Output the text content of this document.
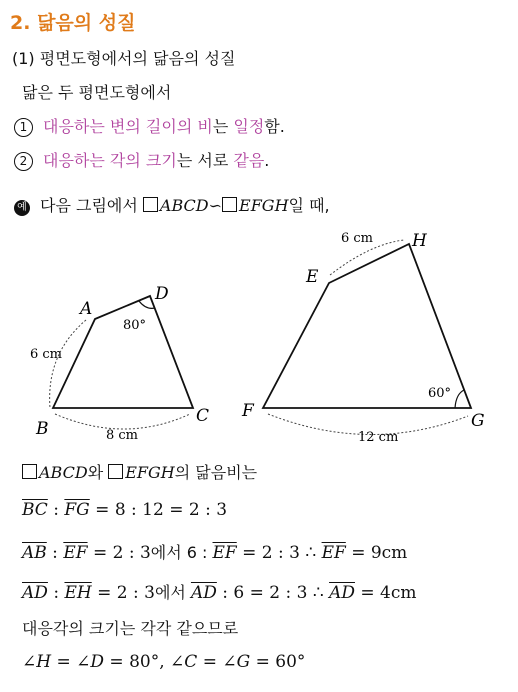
2. 닮음의 성질
(1) 평면도형에서의 닮음의 성질
닮은 두 평면도형에서
1 대응하는 변의 길이의 비는 일정함.
2 대응하는 각의 크기는 서로 같음.
예 다음 그림에서 ABCD∽ EFGH일 때,
A
D
B
C
6 cm
8 cm
80°
E
H
F	G
6 cm
12 cm
60°
ABCD와 EFGH의 닮음비는
$\overline{BC}$ : $\overline{FG} = 8$ : 12 = 2 : 3
$\overline{AB}$ : $\overline{EF} = 2$ : 3에서 6 : $\overline{EF} = 2$ : 3 ∴ $\overline{EF} = 9cm$
$\overline{AD}$ : $\overline{EH} = 2$ : 3에서 $\overline{AD}$ : 6 = 2 : 3 ∴ $\overline{AD} = 4cm$
대응각의 크기는 각각 같으므로
∠H = ∠D = 80°, ∠C = ∠G = 60°
